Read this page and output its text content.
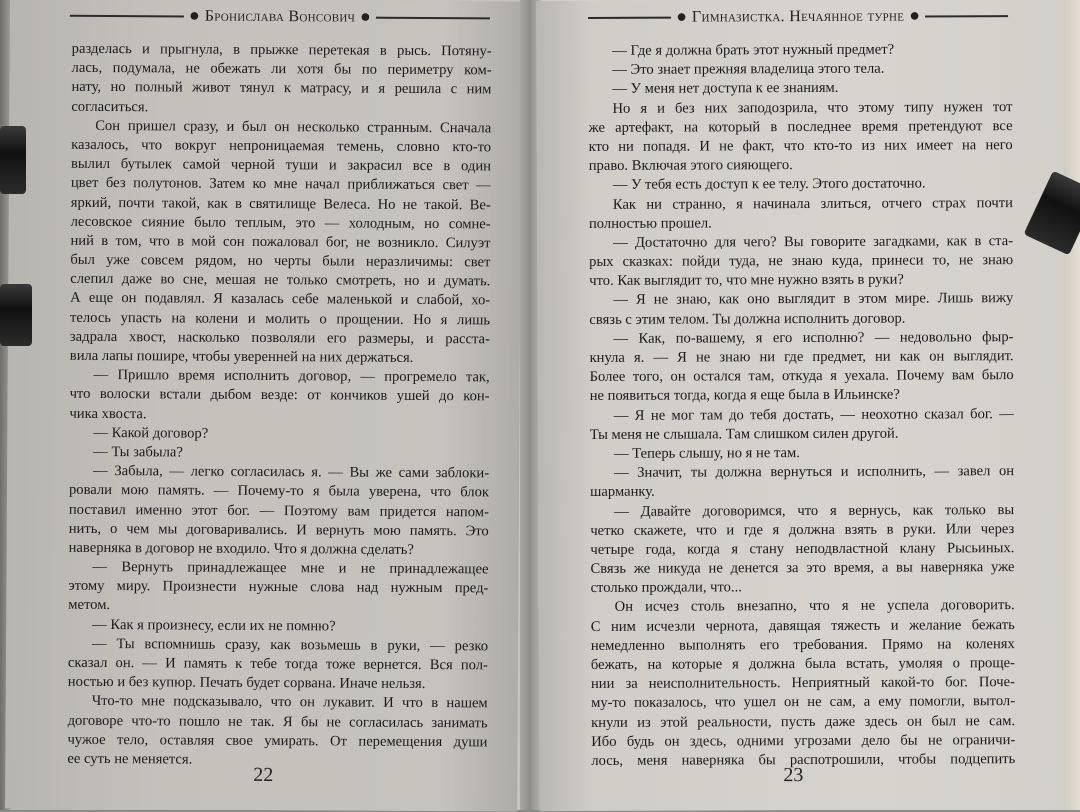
● Бронислава Вонсович ●
разделась и прыгнула, в прыжке перетекая в рысь. Потяну-
лась, подумала, не обежать ли хотя бы по периметру ком-
нату, но полный живот тянул к матрасу, и я решила с ним
согласиться.
Сон пришел сразу, и был он несколько странным. Сначала
казалось, что вокруг непроницаемая темень, словно кто-то
вылил бутылек самой черной туши и закрасил все в один
цвет без полутонов. Затем ко мне начал приближаться свет —
яркий, почти такой, как в святилище Велеса. Но не такой. Ве-
лесовское сияние было теплым, это — холодным, но сомне-
ний в том, что в мой сон пожаловал бог, не возникло. Силуэт
был уже совсем рядом, но черты были неразличимы: свет
слепил даже во сне, мешая не только смотреть, но и думать.
А еще он подавлял. Я казалась себе маленькой и слабой, хо-
телось упасть на колени и молить о прощении. Но я лишь
задрала хвост, насколько позволяли его размеры, и расста-
вила лапы пошире, чтобы уверенней на них держаться.
— Пришло время исполнить договор, — прогремело так,
что волоски встали дыбом везде: от кончиков ушей до кон-
чика хвоста.
— Какой договор?
— Ты забыла?
— Забыла, — легко согласилась я. — Вы же сами заблоки-
ровали мою память. — Почему-то я была уверена, что блок
поставил именно этот бог. — Поэтому вам придется напом-
нить, о чем мы договаривались. И вернуть мою память. Это
наверняка в договор не входило. Что я должна сделать?
— Вернуть принадлежащее мне и не принадлежащее
этому миру. Произнести нужные слова над нужным пред-
метом.
— Как я произнесу, если их не помню?
— Ты вспомнишь сразу, как возьмешь в руки, — резко
сказал он. — И память к тебе тогда тоже вернется. Вся пол-
ностью и без купюр. Печать будет сорвана. Иначе нельзя.
Что-то мне подсказывало, что он лукавит. И что в нашем
договоре что-то пошло не так. Я бы не согласилась занимать
чужое тело, оставляя свое умирать. От перемещения души
ее суть не меняется.
22
● Гимназистка. Нечаянное турне ●
— Где я должна брать этот нужный предмет?
— Это знает прежняя владелица этого тела.
— У меня нет доступа к ее знаниям.
Но я и без них заподозрила, что этому типу нужен тот
же артефакт, на который в последнее время претендуют все
кто ни попадя. И не факт, что кто-то из них имеет на него
право. Включая этого сияющего.
— У тебя есть доступ к ее телу. Этого достаточно.
Как ни странно, я начинала злиться, отчего страх почти
полностью прошел.
— Достаточно для чего? Вы говорите загадками, как в ста-
рых сказках: пойди туда, не знаю куда, принеси то, не знаю
что. Как выглядит то, что мне нужно взять в руки?
— Я не знаю, как оно выглядит в этом мире. Лишь вижу
связь с этим телом. Ты должна исполнить договор.
— Как, по-вашему, я его исполню? — недовольно фыр-
кнула я. — Я не знаю ни где предмет, ни как он выглядит.
Более того, он остался там, откуда я уехала. Почему вам было
не появиться тогда, когда я еще была в Ильинске?
— Я не мог там до тебя достать, — неохотно сказал бог. —
Ты меня не слышала. Там слишком силен другой.
— Теперь слышу, но я не там.
— Значит, ты должна вернуться и исполнить, — завел он
шарманку.
— Давайте договоримся, что я вернусь, как только вы
четко скажете, что и где я должна взять в руки. Или через
четыре года, когда я стану неподвластной клану Рысьиных.
Связь же никуда не денется за это время, а вы наверняка уже
столько прождали, что...
Он исчез столь внезапно, что я не успела договорить.
С ним исчезли чернота, давящая тяжесть и желание бежать
немедленно выполнять его требования. Прямо на коленях
бежать, на которые я должна была встать, умоляя о проще-
нии за неисполнительность. Неприятный какой-то бог. Поче-
му-то показалось, что ушел он не сам, а ему помогли, вытол-
кнули из этой реальности, пусть даже здесь он был не сам.
Ибо будь он здесь, одними угрозами дело бы не ограничи-
лось, меня наверняка бы распотрошили, чтобы подцепить
23
